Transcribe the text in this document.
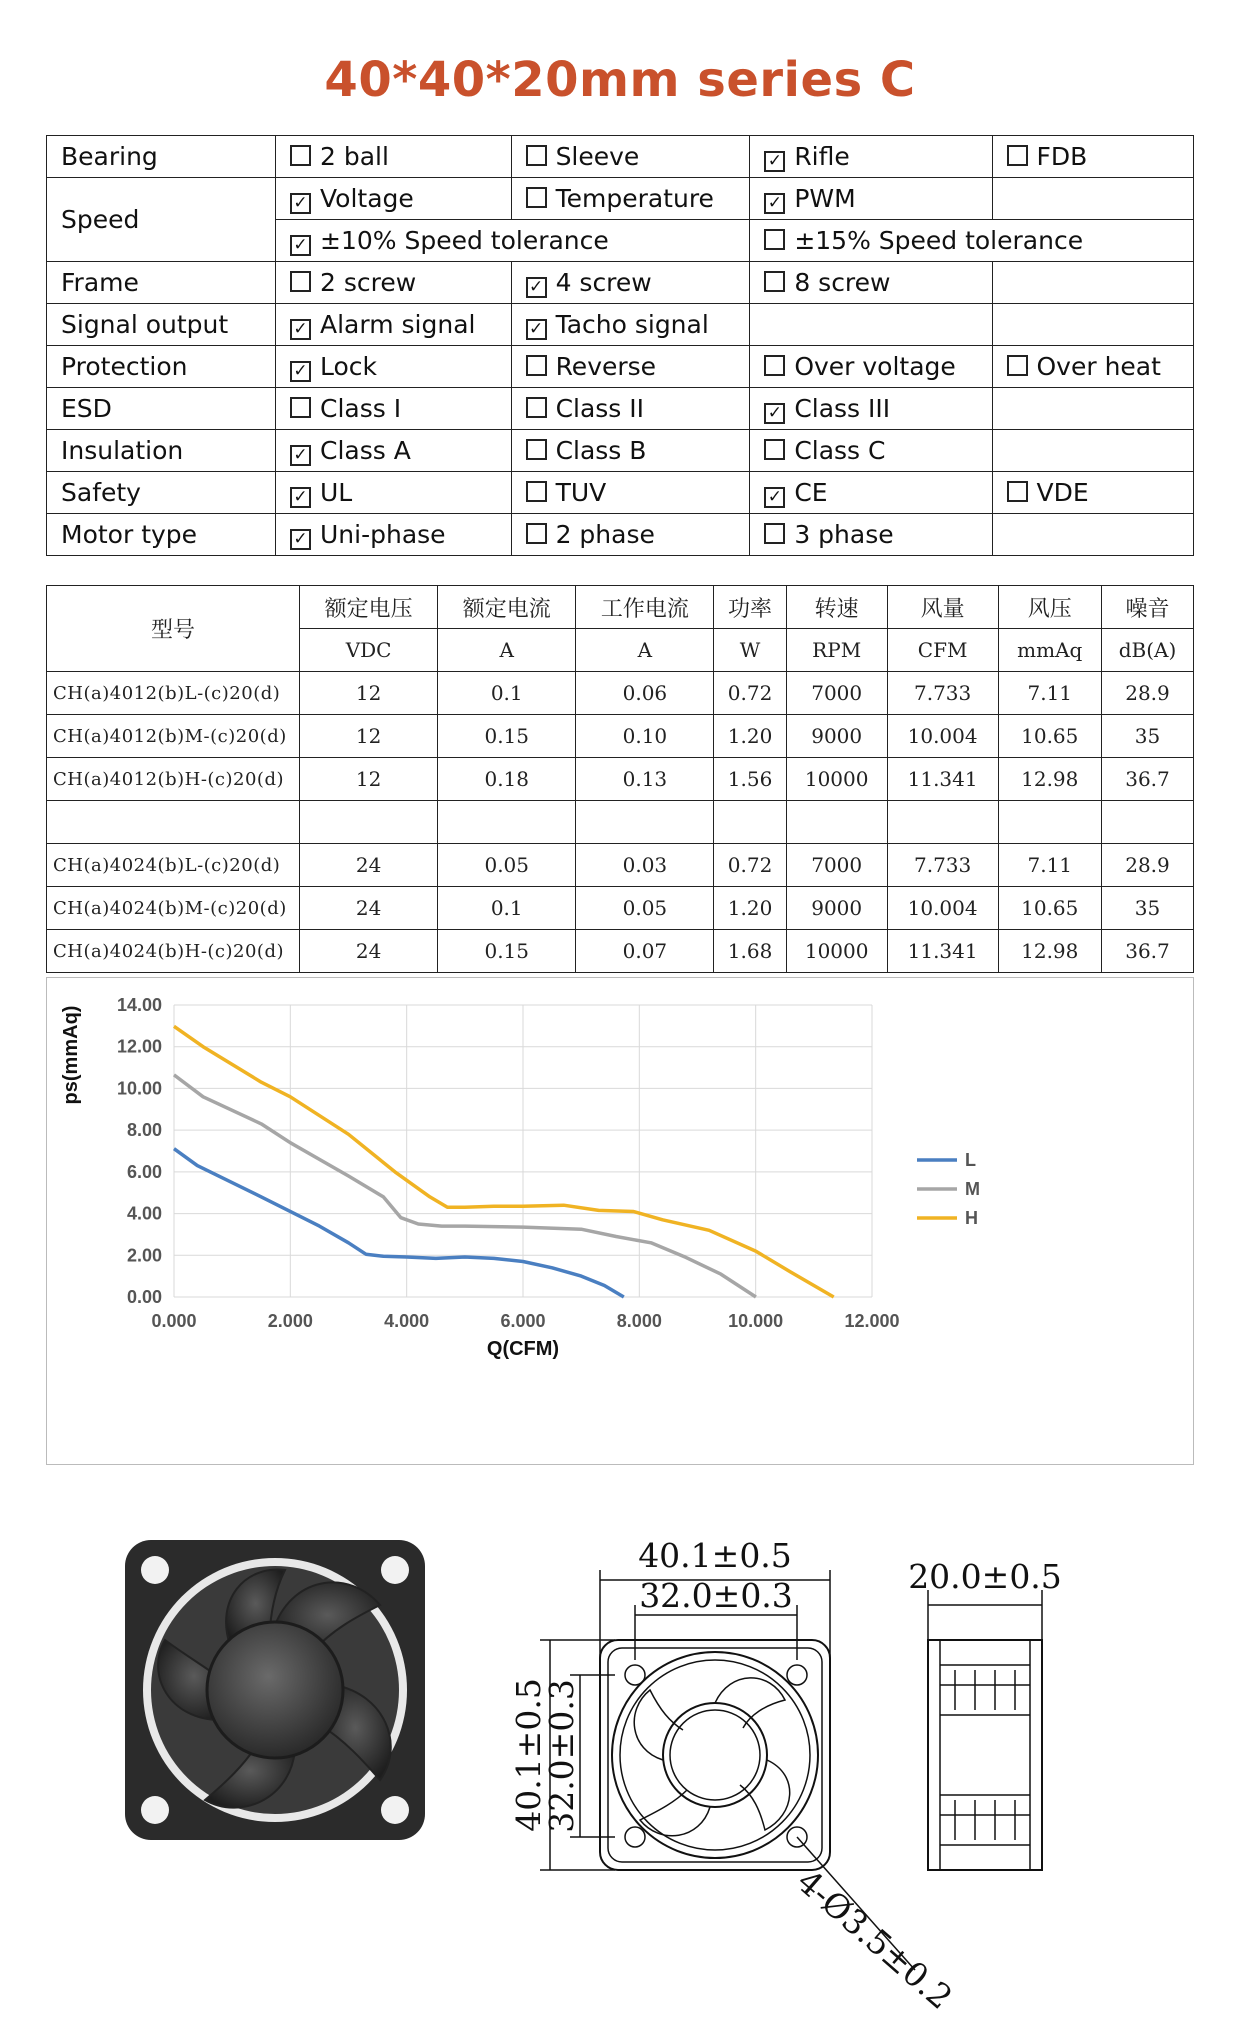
40*40*20mm series C
Bearing	2 ball	Sleeve	✓ Rifle	FDB
Speed	✓ Voltage	Temperature	✓ PWM	
	✓ ±10% Speed tolerance		±15% Speed tolerance	
Frame	2 screw	✓ 4 screw	8 screw	
Signal output	✓ Alarm signal	✓ Tacho signal		
Protection	✓ Lock	Reverse	Over voltage	Over heat
ESD	Class I	Class II	✓ Class III	
Insulation	✓ Class A	Class B	Class C	
Safety	✓ UL	TUV	✓ CE	VDE
Motor type	✓ Uni-phase	2 phase	3 phase	
型号	额定电压	额定电流	工作电流	功率	转速	风量	风压	噪音
	VDC	A	A	W	RPM	CFM	mmAq	dB(A)
CH(a)4012(b)L-(c)20(d)	12	0.1	0.06	0.72	7000	7.733	7.11	28.9
CH(a)4012(b)M-(c)20(d)	12	0.15	0.10	1.20	9000	10.004	10.65	35
CH(a)4012(b)H-(c)20(d)	12	0.18	0.13	1.56	10000	11.341	12.98	36.7

CH(a)4024(b)L-(c)20(d)	24	0.05	0.03	0.72	7000	7.733	7.11	28.9
CH(a)4024(b)M-(c)20(d)	24	0.1	0.05	1.20	9000	10.004	10.65	35
CH(a)4024(b)H-(c)20(d)	24	0.15	0.07	1.68	10000	11.341	12.98	36.7
0.000	2.000	4.000	6.000	8.000	10.000	12.000
0.00
2.00
4.00
6.00
8.00
10.00
12.00
14.00
Q(CFM)
ps(mmAq)
L
M
H
40.1±0.5
32.0±0.3
40.1±0.5
32.0±0.3
4-Ø3.5±0.2
20.0±0.5
